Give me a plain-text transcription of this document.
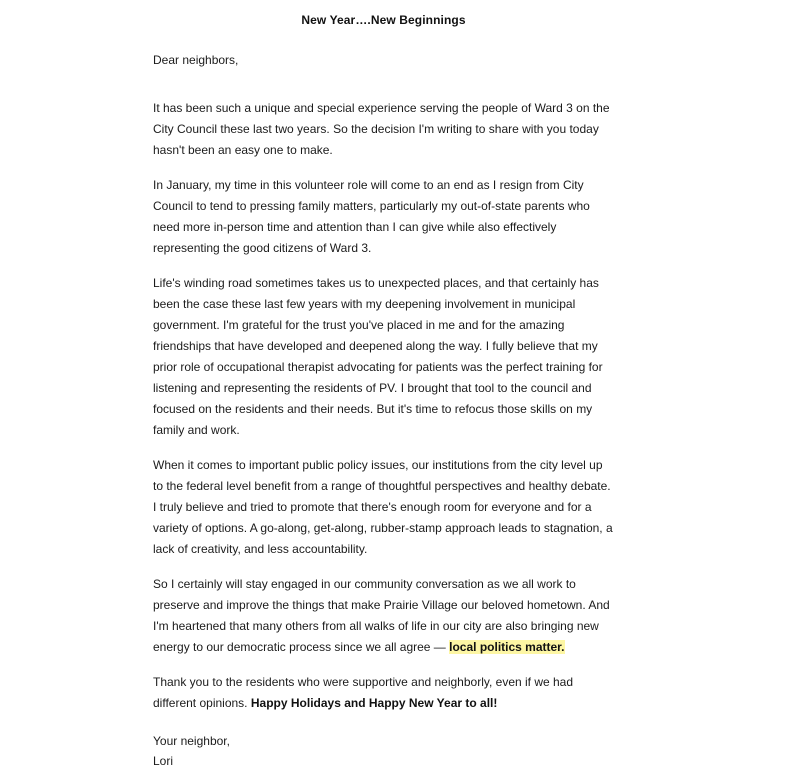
New Year….New Beginnings

Dear neighbors,

It has been such a unique and special experience serving the people of Ward 3 on the City Council these last two years. So the decision I'm writing to share with you today hasn't been an easy one to make.

In January, my time in this volunteer role will come to an end as I resign from City Council to tend to pressing family matters, particularly my out-of-state parents who need more in-person time and attention than I can give while also effectively representing the good citizens of Ward 3.

Life's winding road sometimes takes us to unexpected places, and that certainly has been the case these last few years with my deepening involvement in municipal government. I'm grateful for the trust you've placed in me and for the amazing friendships that have developed and deepened along the way. I fully believe that my prior role of occupational therapist advocating for patients was the perfect training for listening and representing the residents of PV. I brought that tool to the council and focused on the residents and their needs. But it's time to refocus those skills on my family and work.

When it comes to important public policy issues, our institutions from the city level up to the federal level benefit from a range of thoughtful perspectives and healthy debate. I truly believe and tried to promote that there's enough room for everyone and for a variety of options. A go-along, get-along, rubber-stamp approach leads to stagnation, a lack of creativity, and less accountability.

So I certainly will stay engaged in our community conversation as we all work to preserve and improve the things that make Prairie Village our beloved hometown. And I'm heartened that many others from all walks of life in our city are also bringing new energy to our democratic process since we all agree — local politics matter.

Thank you to the residents who were supportive and neighborly, even if we had different opinions. Happy Holidays and Happy New Year to all!

Your neighbor,

Lori
